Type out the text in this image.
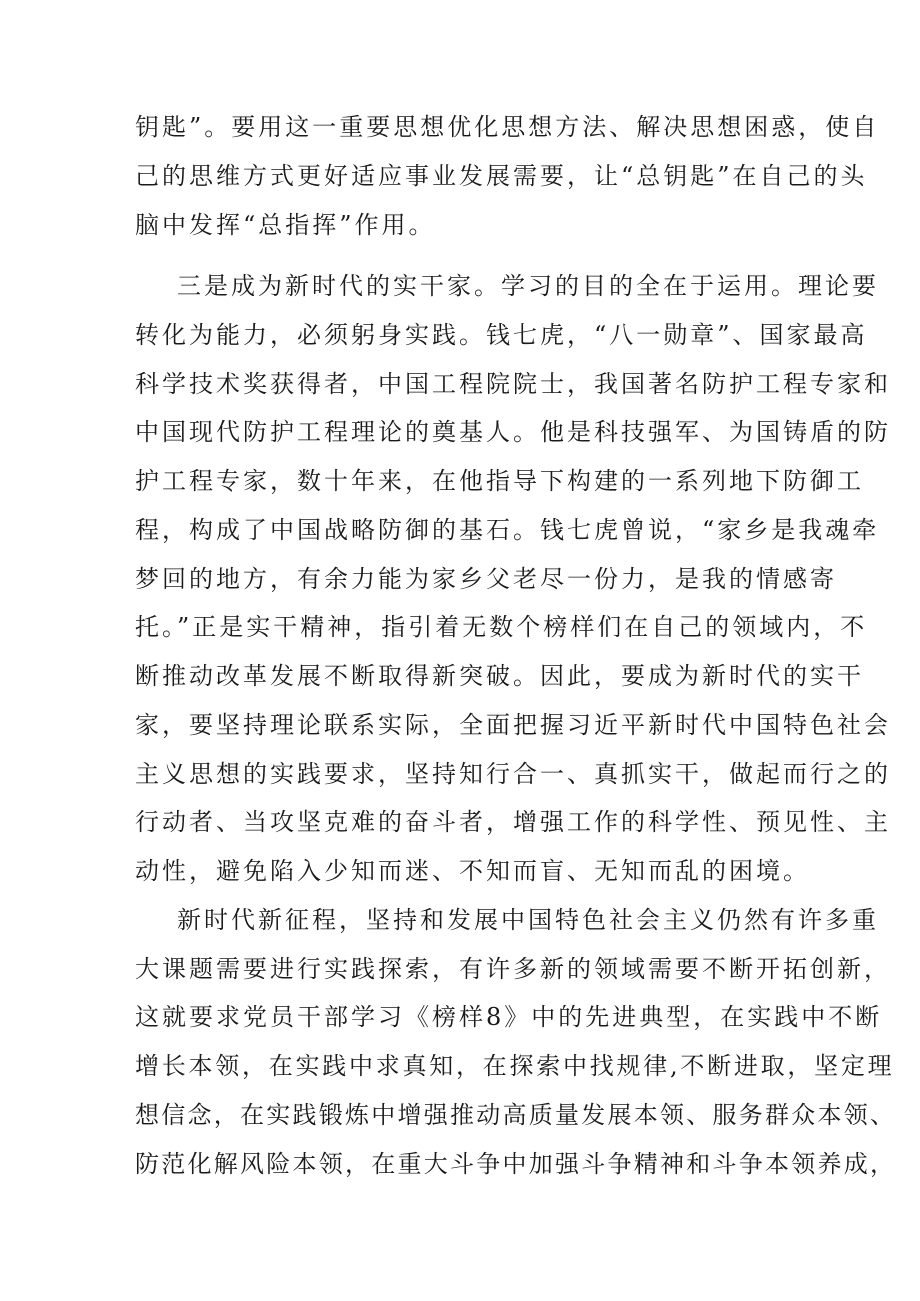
钥匙”。要用这一重要思想优化思想方法、解决思想困惑，使自
己的思维方式更好适应事业发展需要，让“总钥匙”在自己的头
脑中发挥“总指挥”作用。
三是成为新时代的实干家。学习的目的全在于运用。理论要
转化为能力，必须躬身实践。钱七虎，“八一勋章”、国家最高
科学技术奖获得者，中国工程院院士，我国著名防护工程专家和
中国现代防护工程理论的奠基人。他是科技强军、为国铸盾的防
护工程专家，数十年来，在他指导下构建的一系列地下防御工
程，构成了中国战略防御的基石。钱七虎曾说，“家乡是我魂牵
梦回的地方，有余力能为家乡父老尽一份力，是我的情感寄
托。”正是实干精神，指引着无数个榜样们在自己的领域内，不
断推动改革发展不断取得新突破。因此，要成为新时代的实干
家，要坚持理论联系实际，全面把握习近平新时代中国特色社会
主义思想的实践要求，坚持知行合一、真抓实干，做起而行之的
行动者、当攻坚克难的奋斗者，增强工作的科学性、预见性、主
动性，避免陷入少知而迷、不知而盲、无知而乱的困境。
新时代新征程，坚持和发展中国特色社会主义仍然有许多重
大课题需要进行实践探索，有许多新的领域需要不断开拓创新，
这就要求党员干部学习《榜样8》中的先进典型，在实践中不断
增长本领，在实践中求真知，在探索中找规律,不断进取，坚定理
想信念，在实践锻炼中增强推动高质量发展本领、服务群众本领、
防范化解风险本领，在重大斗争中加强斗争精神和斗争本领养成，
